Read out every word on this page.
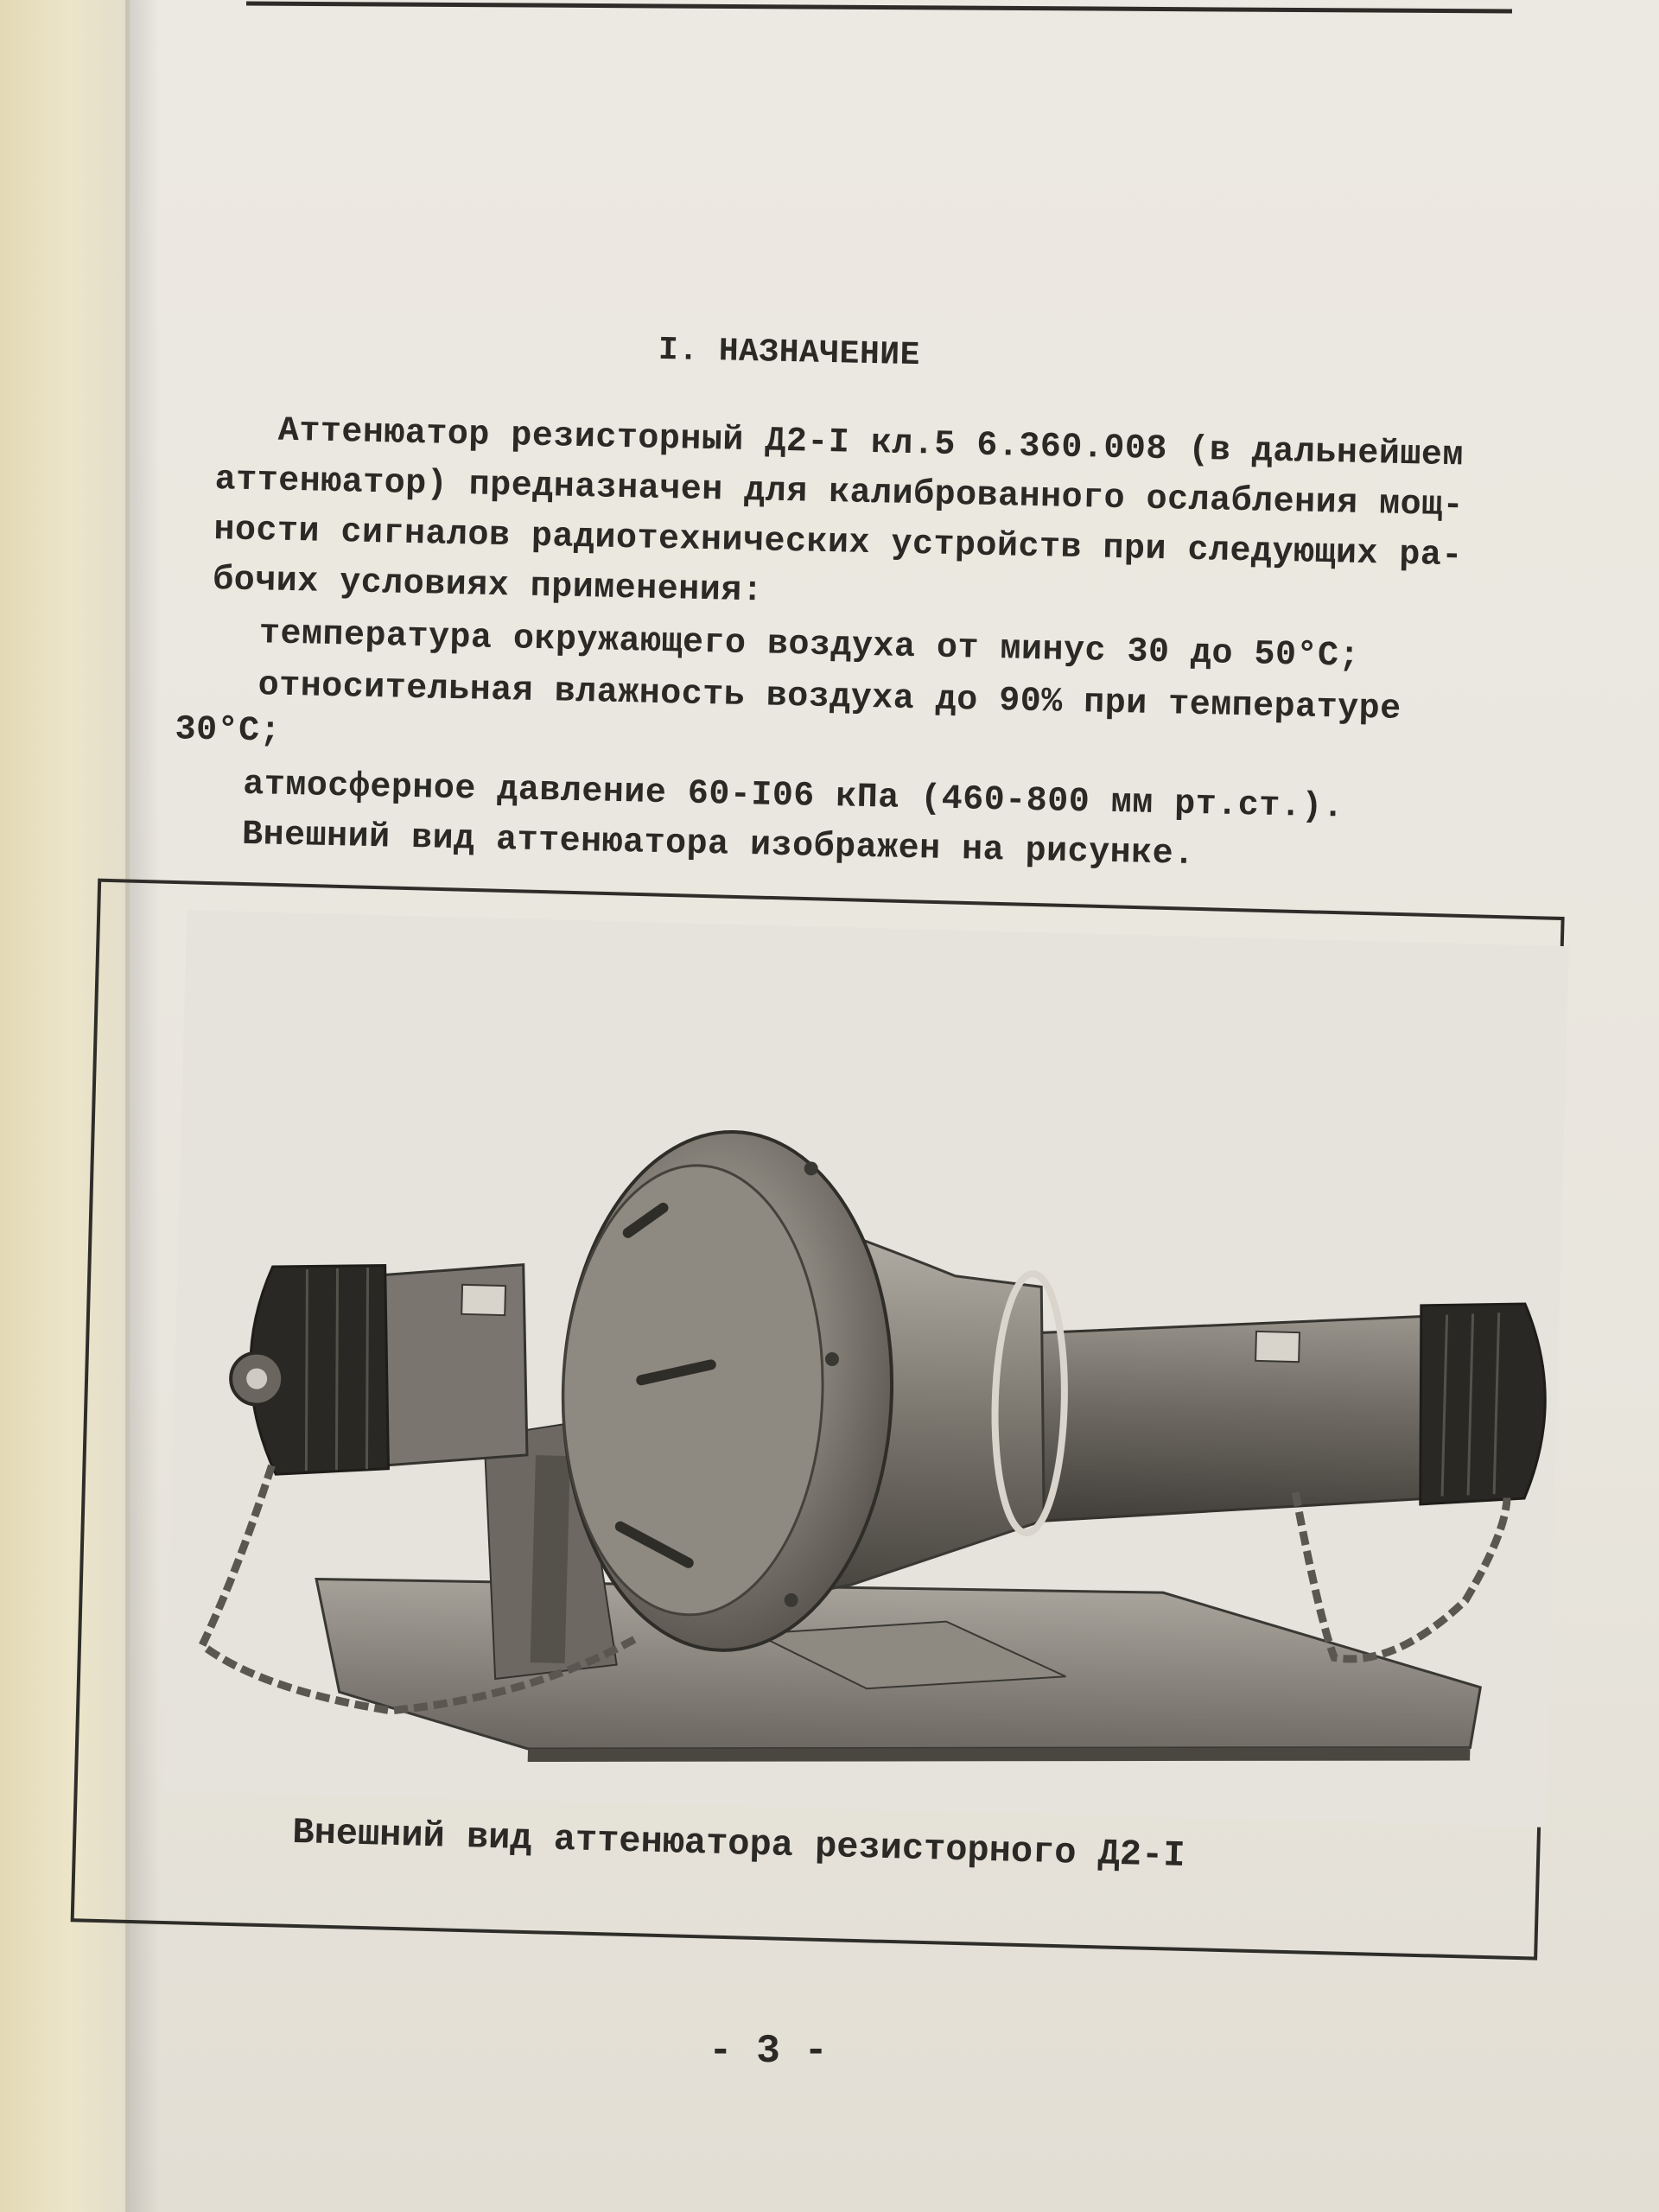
I. НАЗНАЧЕНИЕ
Аттенюатор резисторный Д2-I кл.5 6.360.008 (в дальнейшем
аттенюатор) предназначен для калиброванного ослабления мощ-
ности сигналов радиотехнических устройств при следующих ра-
бочих условиях применения:
температура окружающего воздуха от минус 30 до 50°C;
относительная влажность воздуха до 90% при температуре
30°C;
атмосферное давление 60-I06 кПа (460-800 мм рт.ст.).
Внешний вид аттенюатора изображен на рисунке.
Внешний вид аттенюатора резисторного Д2-I
- 3 -
